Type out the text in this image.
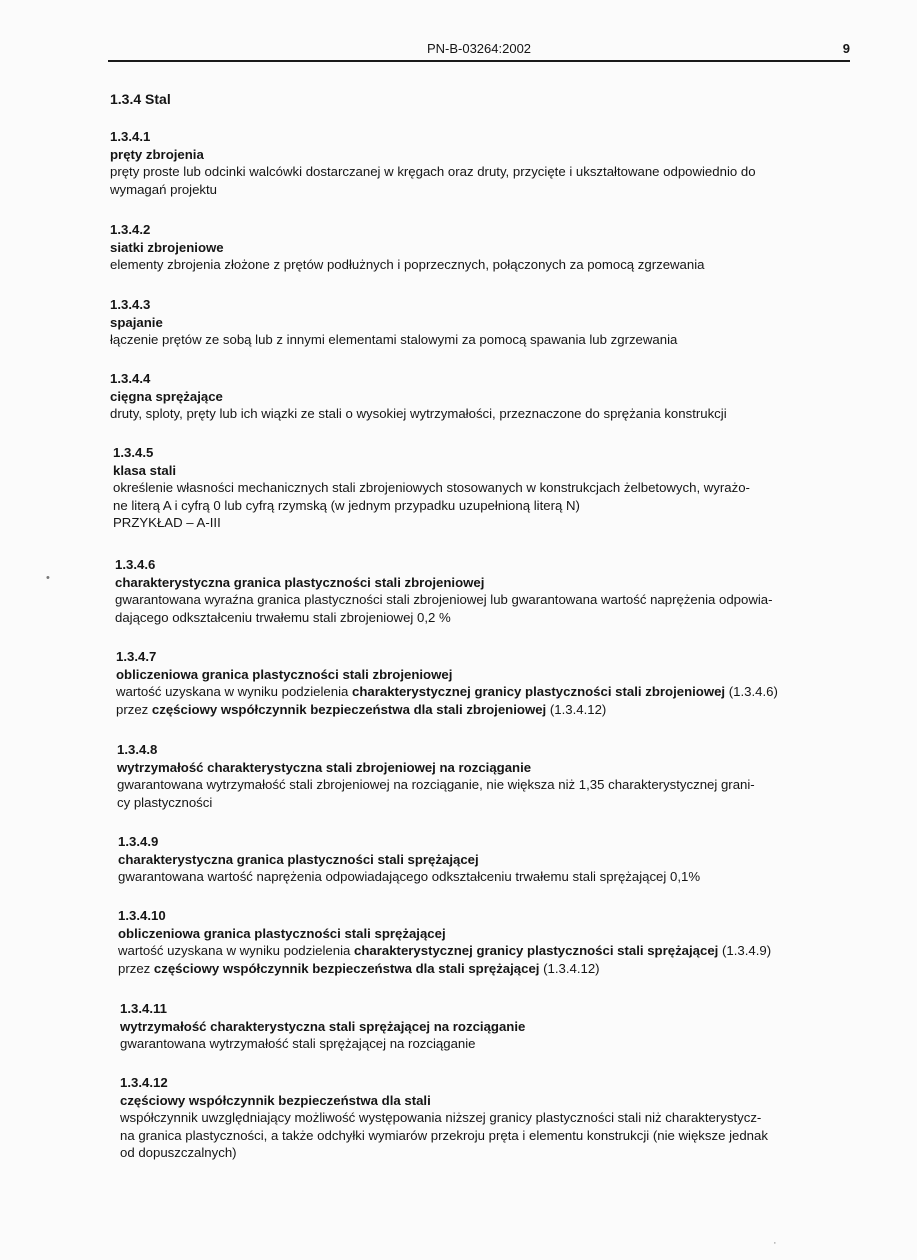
PN-B-03264:2002	9
1.3.4 Stal
1.3.4.1
pręty zbrojenia
pręty proste lub odcinki walcówki dostarczanej w kręgach oraz druty, przycięte i ukształtowane odpowiednio do
wymagań projektu
1.3.4.2
siatki zbrojeniowe
elementy zbrojenia złożone z prętów podłużnych i poprzecznych, połączonych za pomocą zgrzewania
1.3.4.3
spajanie
łączenie prętów ze sobą lub z innymi elementami stalowymi za pomocą spawania lub zgrzewania
1.3.4.4
cięgna sprężające
druty, sploty, pręty lub ich wiązki ze stali o wysokiej wytrzymałości, przeznaczone do sprężania konstrukcji
1.3.4.5
klasa stali
określenie własności mechanicznych stali zbrojeniowych stosowanych w konstrukcjach żelbetowych, wyrażo-
ne literą A i cyfrą 0 lub cyfrą rzymską (w jednym przypadku uzupełnioną literą N)
PRZYKŁAD – A-III
1.3.4.6
charakterystyczna granica plastyczności stali zbrojeniowej
gwarantowana wyraźna granica plastyczności stali zbrojeniowej lub gwarantowana wartość naprężenia odpowia-
dającego odkształceniu trwałemu stali zbrojeniowej 0,2 %
1.3.4.7
obliczeniowa granica plastyczności stali zbrojeniowej
wartość uzyskana w wyniku podzielenia charakterystycznej granicy plastyczności stali zbrojeniowej (1.3.4.6)
przez częściowy współczynnik bezpieczeństwa dla stali zbrojeniowej (1.3.4.12)
1.3.4.8
wytrzymałość charakterystyczna stali zbrojeniowej na rozciąganie
gwarantowana wytrzymałość stali zbrojeniowej na rozciąganie, nie większa niż 1,35 charakterystycznej grani-
cy plastyczności
1.3.4.9
charakterystyczna granica plastyczności stali sprężającej
gwarantowana wartość naprężenia odpowiadającego odkształceniu trwałemu stali sprężającej 0,1%
1.3.4.10
obliczeniowa granica plastyczności stali sprężającej
wartość uzyskana w wyniku podzielenia charakterystycznej granicy plastyczności stali sprężającej (1.3.4.9)
przez częściowy współczynnik bezpieczeństwa dla stali sprężającej (1.3.4.12)
1.3.4.11
wytrzymałość charakterystyczna stali sprężającej na rozciąganie
gwarantowana wytrzymałość stali sprężającej na rozciąganie
1.3.4.12
częściowy współczynnik bezpieczeństwa dla stali
współczynnik uwzględniający możliwość występowania niższej granicy plastyczności stali niż charakterystycz-
na granica plastyczności, a także odchyłki wymiarów przekroju pręta i elementu konstrukcji (nie większe jednak
od dopuszczalnych)
•
·
